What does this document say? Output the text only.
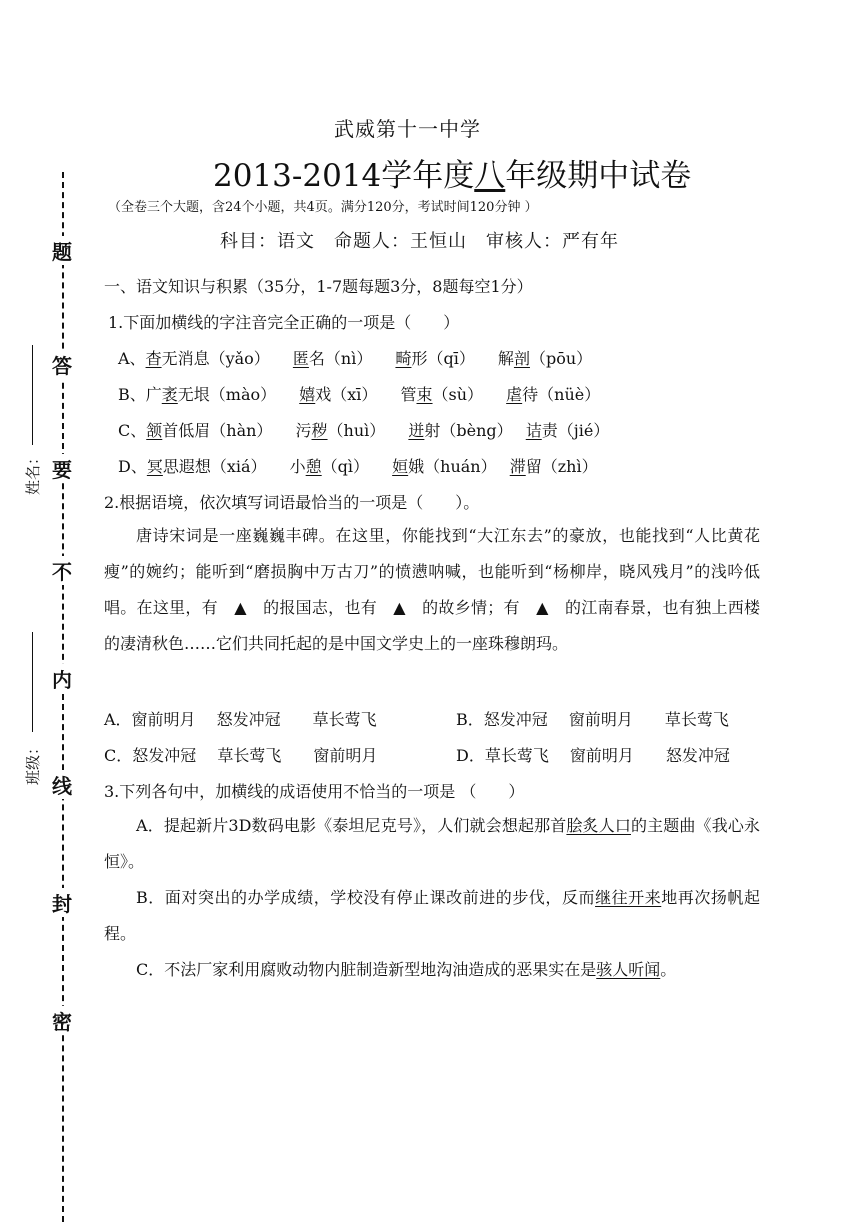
题
答
要
不
内
线
封
密
姓名：
班级：
武威第十一中学
2013-2014学年度八年级期中试卷
（全卷三个大题，含24个小题，共4页。满分120分，考试时间120分钟 ）
科目：语文　命题人：王恒山　审核人：严有年
一、语文知识与积累（35分，1-7题每题3分，8题每空1分）
1.下面加横线的字注音完全正确的一项是（　　）
A、杳无消息（yǎo） 匿名（nì） 畸形（qī） 解剖（pōu）
B、广袤无垠（mào） 嬉戏（xī） 管束（sù） 虐待（nüè）
C、颔首低眉（hàn） 污秽（huì） 迸射（bèng） 诘责（jié）
D、冥思遐想（xiá） 小憩（qì） 姮娥（huán） 滞留（zhì）
2.根据语境，依次填写词语最恰当的一项是（　　）。
唐诗宋词是一座巍巍丰碑。在这里，你能找到“大江东去”的豪放，也能找到“人比黄花瘦”的婉约；能听到“磨损胸中万古刀”的愤懑呐喊，也能听到“杨柳岸，晓风残月”的浅吟低唱。在这里，有　▲　的报国志，也有　▲　的故乡情；有　▲　的江南春景，也有独上西楼的凄清秋色……它们共同托起的是中国文学史上的一座珠穆朗玛。
A．窗前明月　 怒发冲冠　　草长莺飞	B．怒发冲冠　 窗前明月　　草长莺飞
C．怒发冲冠　 草长莺飞　　窗前明月	D．草长莺飞　 窗前明月　　怒发冲冠
3.下列各句中，加横线的成语使用不恰当的一项是 （　　）
A．提起新片3D数码电影《泰坦尼克号》，人们就会想起那首脍炙人口的主题曲《我心永恒》。
B．面对突出的办学成绩，学校没有停止课改前进的步伐，反而继往开来地再次扬帆起程。
C．不法厂家利用腐败动物内脏制造新型地沟油造成的恶果实在是骇人听闻。
